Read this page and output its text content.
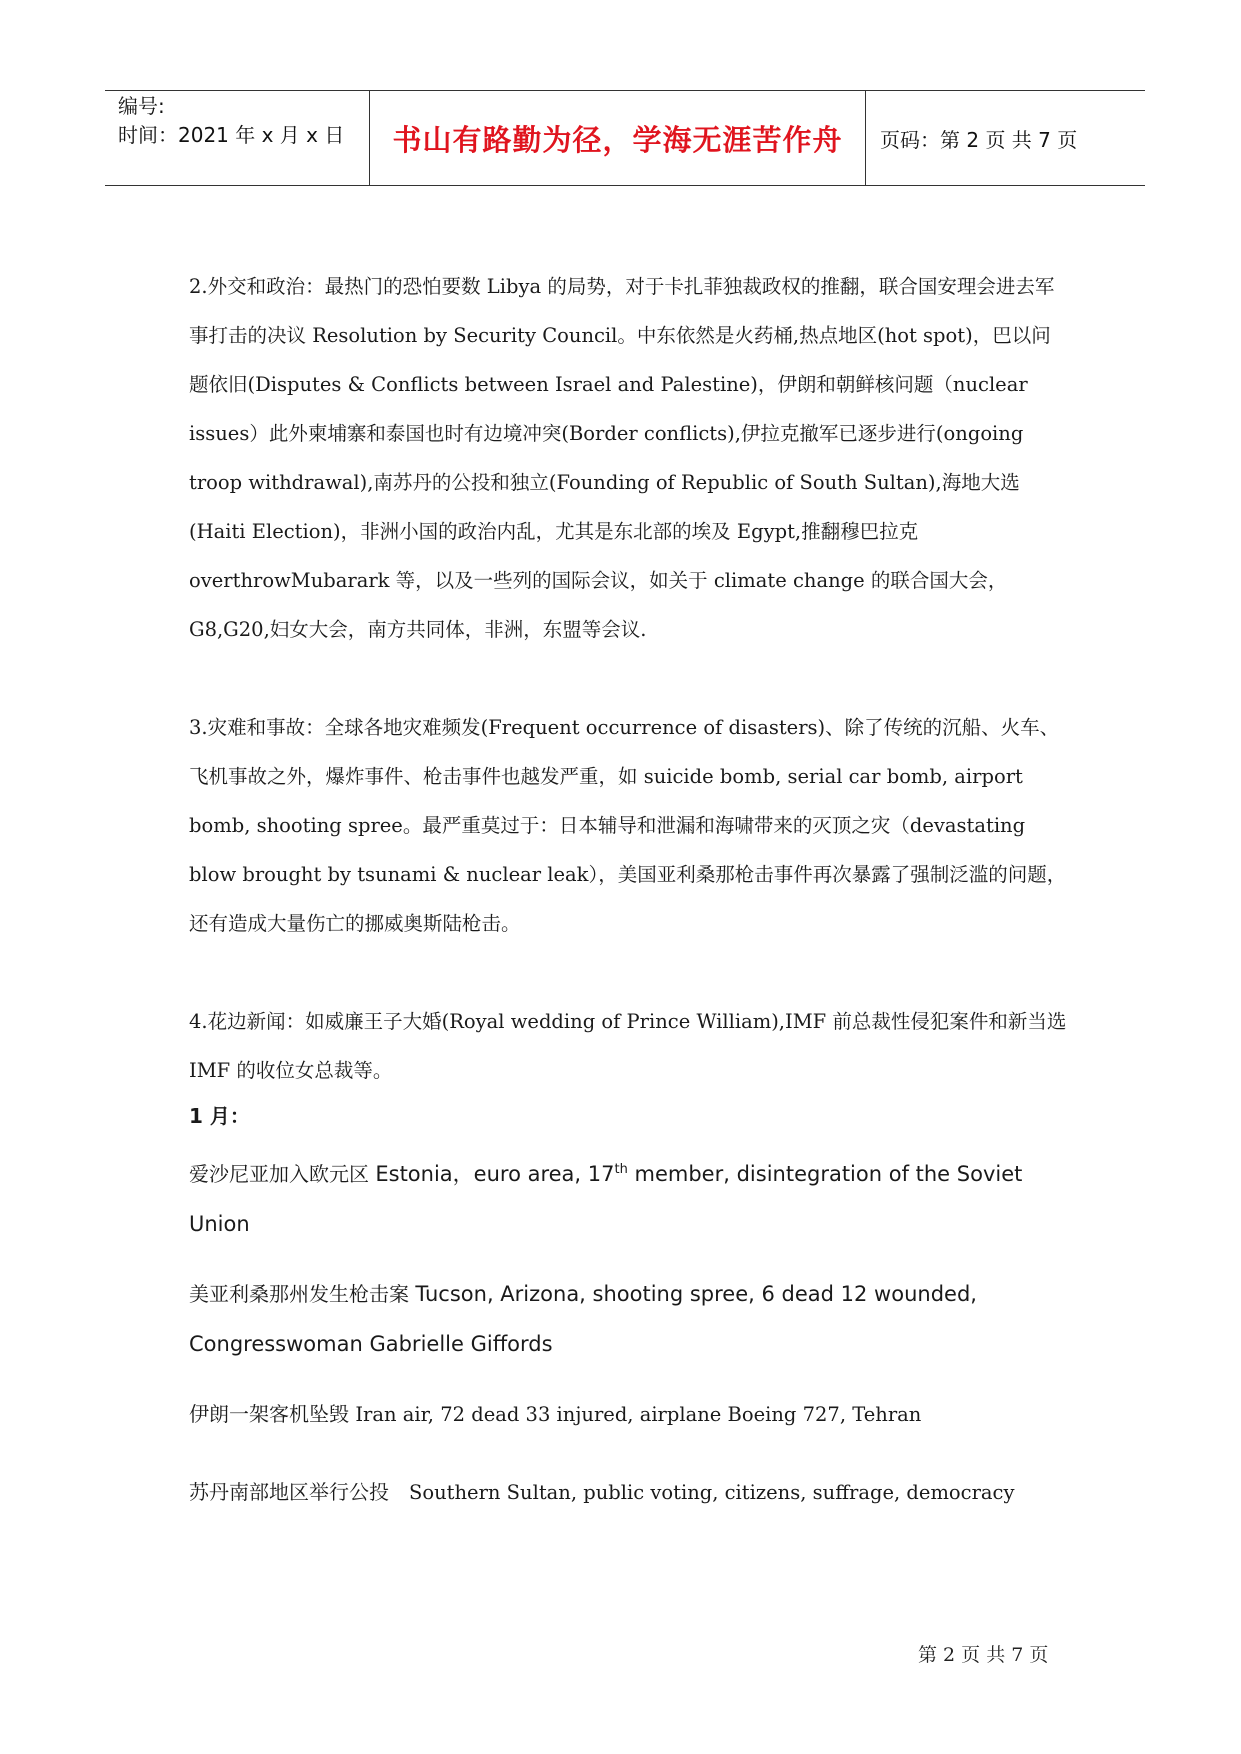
编号:
时间：2021 年 x 月 x 日	书山有路勤为径，学海无涯苦作舟	页码：第 2 页 共 7 页

2.外交和政治：最热门的恐怕要数 Libya 的局势，对于卡扎菲独裁政权的推翻，联合国安理会进去军事打击的决议 Resolution by Security Council。中东依然是火药桶,热点地区(hot spot)，巴以问题依旧(Disputes & Conflicts between Israel and Palestine)，伊朗和朝鲜核问题（nuclear issues）此外柬埔寨和泰国也时有边境冲突(Border conflicts),伊拉克撤军已逐步进行(ongoing troop withdrawal),南苏丹的公投和独立(Founding of Republic of South Sultan),海地大选(Haiti Election)，非洲小国的政治内乱，尤其是东北部的埃及 Egypt,推翻穆巴拉克 overthrowMubarark 等，以及一些列的国际会议，如关于 climate change 的联合国大会，G8,G20,妇女大会，南方共同体，非洲，东盟等会议.

3.灾难和事故：全球各地灾难频发(Frequent occurrence of disasters)、除了传统的沉船、火车、飞机事故之外，爆炸事件、枪击事件也越发严重，如 suicide bomb, serial car bomb, airport bomb, shooting spree。最严重莫过于：日本辅导和泄漏和海啸带来的灭顶之灾（devastating blow brought by tsunami & nuclear leak），美国亚利桑那枪击事件再次暴露了强制泛滥的问题，还有造成大量伤亡的挪威奥斯陆枪击。

4.花边新闻：如威廉王子大婚(Royal wedding of Prince William),IMF 前总裁性侵犯案件和新当选 IMF 的收位女总裁等。

1 月：

爱沙尼亚加入欧元区 Estonia，euro area, 17th member, disintegration of the Soviet Union

美亚利桑那州发生枪击案 Tucson, Arizona, shooting spree, 6 dead 12 wounded, Congresswoman Gabrielle Giffords

伊朗一架客机坠毁 Iran air, 72 dead 33 injured, airplane Boeing 727, Tehran

苏丹南部地区举行公投　Southern Sultan, public voting, citizens, suffrage, democracy

第 2 页 共 7 页
